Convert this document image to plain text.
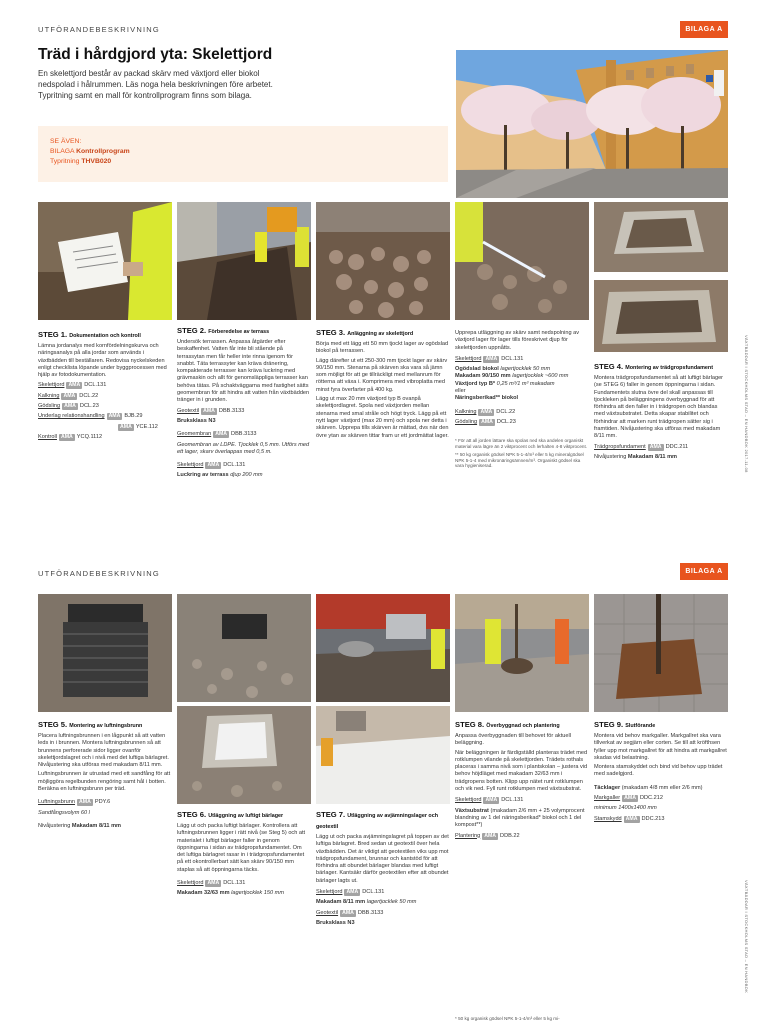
UTFÖRANDEBESKRIVNING	BILAGA A
Träd i hårdgjord yta: Skelettjord

En skelettjord består av packad skärv med växtjord eller biokol

nedspolad i hålrummen. Läs noga hela beskrivningen före arbetet.

Typritning samt en mall för kontrollprogram finns som bilaga.

SE ÄVEN:
BILAGA Kontrollprogram
Typritning THVB020
STEG 1. Dokumentation och kontroll

Lämna jordanalys med kornfördelningskurva och näringsanalys på alla jordar som används i växtbädden till beställaren. Redovisa nyckelskeden enligt checklista löpande under byggprocessen med hjälp av fotodokumentation.

Skelettjord AMA DCL.131
Kalkning AMA DCL.22
Gödsling AMA DCL.23
Underlag relationshandling AMA BJB.29
AMA YCE.112
Kontroll AMA YCQ.1112
STEG 2. Förberedelse av terrass

Undersök terrassen. Anpassa åtgärder efter beskaffenhet. Vatten får inte bli stående på terrassytan men får heller inte rinna igenom för snabbt. Täta terrassyter kan kräva dränering, kompakterade terrasser kan kräva luckring med grävmaskin och allt för genomsläppliga terrasser kan behöva tätas. På schaktväggarna med fastighet sätts geomembran för att hindra att vatten från växtbädden tränger in i grunden.

Geotextil AMA DBB.3133
Bruksklass N3
Geomembran AMA DBB.3133

Geomembran av LDPE. Tjocklek 0,5 mm. Utförs med ett lager, skarv överlappas med 0,5 m.

Skelettjord AMA DCL.131
Luckring av terrass djup 200 mm
STEG 3. Anläggning av skelettjord

Börja med ett lägg ett 50 mm tjockt lager av ogödslad biokol på terrassen.

Lägg därefter ut ett 250-300 mm tjockt lager av skärv 90/150 mm. Stenarna på skärven ska vara så jämn som möjligt för att ge tillräckligt med mellanrum för rötterna att växa i. Komprimera med vibroplatta med minst fyra överfarter på 400 kg.

Lägg ut max 20 mm växtjord typ B ovanpå skelettjordlagret. Spola ned växtjorden mellan stenarna med smal stråle och högt tryck. Lägg på ett nytt lager växtjord (max 20 mm) och spola ner detta i skärven. Upprepa tills skärven är mättad, dvs när den övre ytan av skärven tittar fram ur ett jordmättat lager.

Upprepa utläggning av skärv samt nedspolning av växtjord lager för lager tills föreskrivet djup för skelettjorden uppnåtts.

Skelettjord AMA DCL.131
Ogödslad biokol lagertjocklek 50 mm
Makadam 90/150 mm lagertjocklek ~600 mm
Växtjord typ B* 0,25 m³/1 m³ makadam
eller
Näringsberikad** biokol
Kalkning AMA DCL.22
Gödsling AMA DCL.23

* För att all jorden lättare ska spolas ned ska andelen organiskt material vara lägre än 2 viktprocent och lerhalten 4-8 viktprocent.

** 50 kg organisk gödsel NPK 5-1-4/m³ eller 5 kg mineralgödsel NPK 5-1-4 med mikronäringsämnen/m³. Organiskt gödsel ska vara hygieniserad.

STEG 4. Montering av trädgropsfundament

Montera trädgropsfundamentet så att luftigt bärlager (se STEG 6) faller in genom öppningarna i sidan. Fundamentets slutna övre del skall anpassas till tjockleken på beläggningens överbyggnad för att förhindra att den faller in i trädgropen och blandas med växtsubstratet. Detta skapar stabilitet och förhindrar att marken runt trädgropen sätter sig i framtiden. Nivåjustering ska utföras med makadam 8/11 mm.

Trädgropsfundament AMA DDC.211
Nivåjustering Makadam 8/11 mm	VÄXTBÄDDAR I STOCKHOLMS STAD – EN HANDBOK 2017-11-08
UTFÖRANDEBESKRIVNING	BILAGA A
STEG 5. Montering av luftningsbrunn

Placera luftningsbrunnen i en lågpunkt så att vatten leds in i brunnen. Montera luftningsbrunnen så att brunnens perforerade sidor ligger ovanför skelettjordslagret och i nivå med det luftiga bärlagret. Nivåjustering ska utföras med makadam 8/11 mm.

Luftningsbrunnen är utrustad med ett sandfång för att möjliggöra regelbunden rengöring samt hål i botten. Beräkna en luftningsbrunn per träd.

Luftningsbrunn AMA PDY.6
Sandfångsvolym 60 l
Nivåjustering Makadam 8/11 mm
STEG 6. Utläggning av luftigt bärlager

Lägg ut och packa luftigt bärlager. Kontrollera att luftningsbrunnen ligger i rätt nivå (se Steg 5) och att materialet i luftigt bärlager faller in genom öppningarna i sidan av trädgropsfundamentet. Om det luftiga bärlagret rasar in i trädgropsfundamentet på ett okontrollerbart sätt kan skärv 90/150 mm staplas så att öppningarna täcks.

Skelettjord AMA DCL.131
Makadam 32/63 mm lagertjocklek 150 mm
STEG 7. Utläggning av avjämningslager och geotextil

Lägg ut och packa avjämningslagret på toppen av det luftiga bärlagret. Bred sedan ut geotextil över hela växtbädden. Det är viktigt att geotextilen viks upp mot trädgropsfundament, brunnar och kantstöd för att förhindra att obundet bärlager blandas med luftigt bärlager. Kantsäkr därför geotextilen efter att obundet bärlager lagts ut.

Skelettjord AMA DCL.131
Makadam 8/11 mm lagertjocklek 50 mm
Geotextil AMA DBB.3133
Bruksklass N3
STEG 8. Överbyggnad och plantering

Anpassa överbyggnaden till behovet för aktuell beläggning.

När beläggningen är färdigställd planteras trädet med rotklumpen vilande på skelettjorden. Trädets rothals placeras i samma nivå som i plantskolan – justera vid behov höjdläget med makadam 32/63 mm i trädgropens botten. Klipp upp nätet runt rotklumpen och vik ned. Fyll runt rotklumpen med växtsubstrat.

Skelettjord AMA DCL.131

Växtsubstrat (makadam 2/6 mm + 25 volymprocent blandning av 1 del näringsberikad* biokol och 1 del kompost**)

Plantering AMA DDB.22
* 50 kg organisk gödsel NPK 5-1-4/m³ eller 5 kg mi-
STEG 9. Slutförande

Montera vid behov markgaller. Markgallret ska vara tillverkat av segjärn eller corten. Se till att kröfthsen fyller upp mot markgallret för att hindra att markgallret skadas vid belastning.

Montera stamskyddet och bind vid behov upp trädet med sadelgjord.

Täcklager (makadam 4/8 mm eller 2/6 mm)

Markgaller AMA DDC.212
minimum 1400x1400 mm
Stamskydd AMA DDC.213
VÄXTBÄDDAR I STOCKHOLMS STAD – EN HANDBOK
